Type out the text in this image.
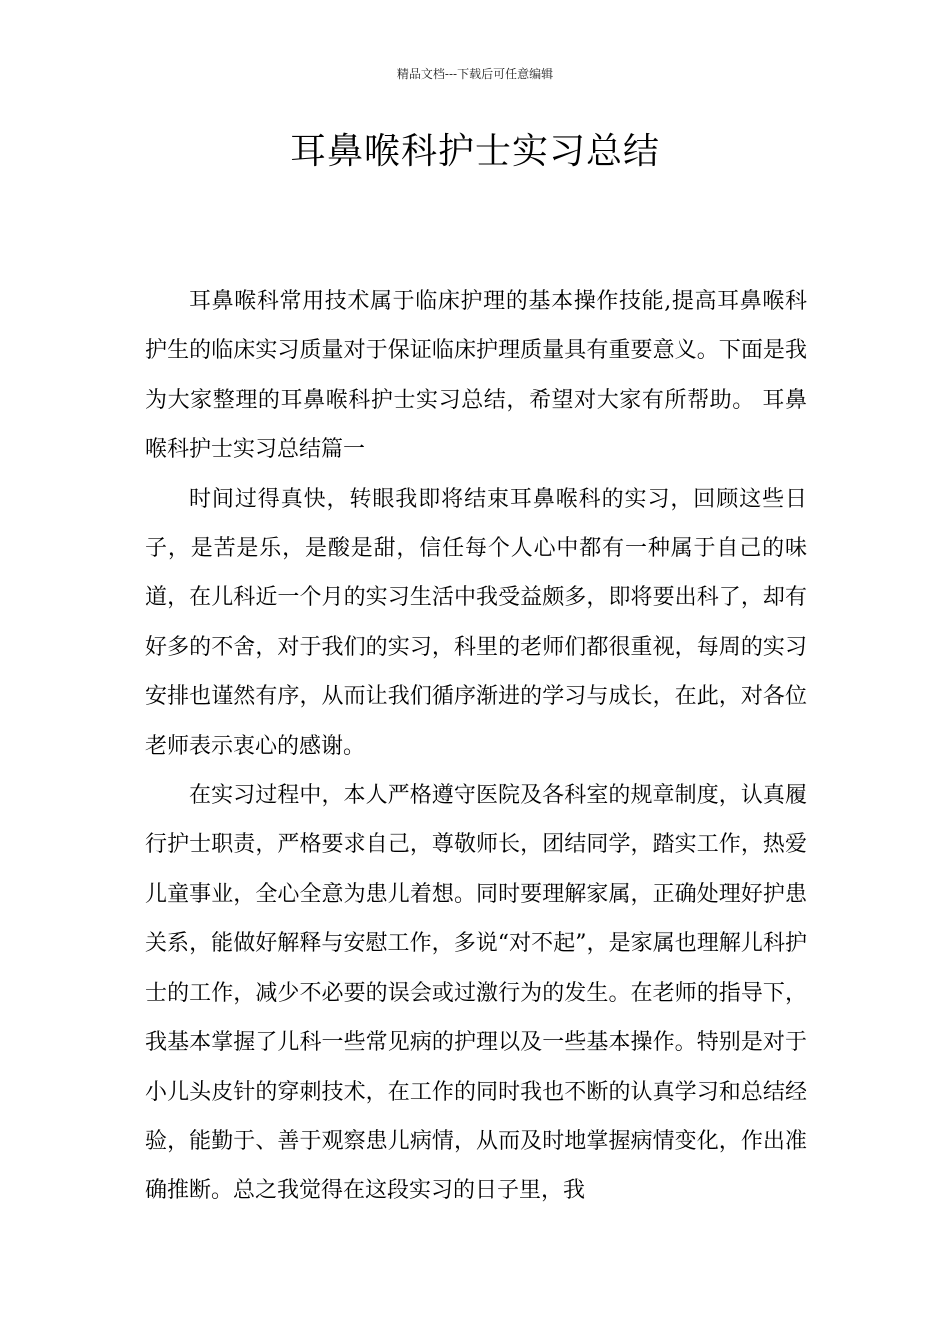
精品文档---下载后可任意编辑
耳鼻喉科护士实习总结

耳鼻喉科常用技术属于临床护理的基本操作技能,提高耳鼻喉科护生的临床实习质量对于保证临床护理质量具有重要意义。下面是我为大家整理的耳鼻喉科护士实习总结，希望对大家有所帮助。 耳鼻喉科护士实习总结篇一

时间过得真快，转眼我即将结束耳鼻喉科的实习，回顾这些日子，是苦是乐，是酸是甜，信任每个人心中都有一种属于自己的味道，在儿科近一个月的实习生活中我受益颇多，即将要出科了，却有好多的不舍，对于我们的实习，科里的老师们都很重视，每周的实习安排也谨然有序，从而让我们循序渐进的学习与成长，在此，对各位老师表示衷心的感谢。

在实习过程中，本人严格遵守医院及各科室的规章制度，认真履行护士职责，严格要求自己，尊敬师长，团结同学，踏实工作，热爱儿童事业，全心全意为患儿着想。同时要理解家属，正确处理好护患关系，能做好解释与安慰工作，多说“对不起”，是家属也理解儿科护士的工作，减少不必要的误会或过激行为的发生。在老师的指导下，我基本掌握了儿科一些常见病的护理以及一些基本操作。特别是对于小儿头皮针的穿刺技术，在工作的同时我也不断的认真学习和总结经验，能勤于、善于观察患儿病情，从而及时地掌握病情变化，作出准确推断。总之我觉得在这段实习的日子里，我
